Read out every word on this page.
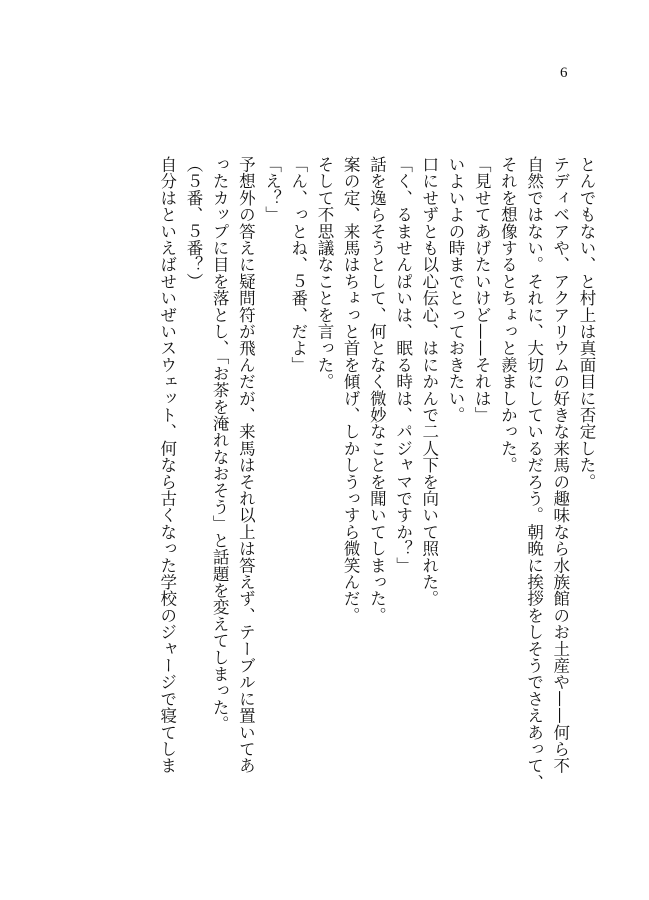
6

とんでもない、と村上は真面目に否定した。

テディベアや、アクアリウムの好きな来馬の趣味なら水族館のお土産や——何ら不

自然ではない。それに、大切にしているだろう。朝晩に挨拶をしそうでさえあって、

それを想像するとちょっと羨ましかった。

「見せてあげたいけど——それは」

いよいよの時までとっておきたい。

口にせずとも以心伝心、はにかんで二人下を向いて照れた。

「く、るませんぱいは、眠る時は、パジャマですか？」

話を逸らそうとして、何となく微妙なことを聞いてしまった。

案の定、来馬はちょっと首を傾げ、しかしうっすら微笑んだ。

そして不思議なことを言った。

「ん、っとね、５番、だよ」

「え？」

予想外の答えに疑問符が飛んだが、来馬はそれ以上は答えず、テーブルに置いてあ

ったカップに目を落とし、「お茶を淹れなおそう」と話題を変えてしまった。

（５番、５番？）

自分はといえばせいぜいスウェット、何なら古くなった学校のジャージで寝てしま
